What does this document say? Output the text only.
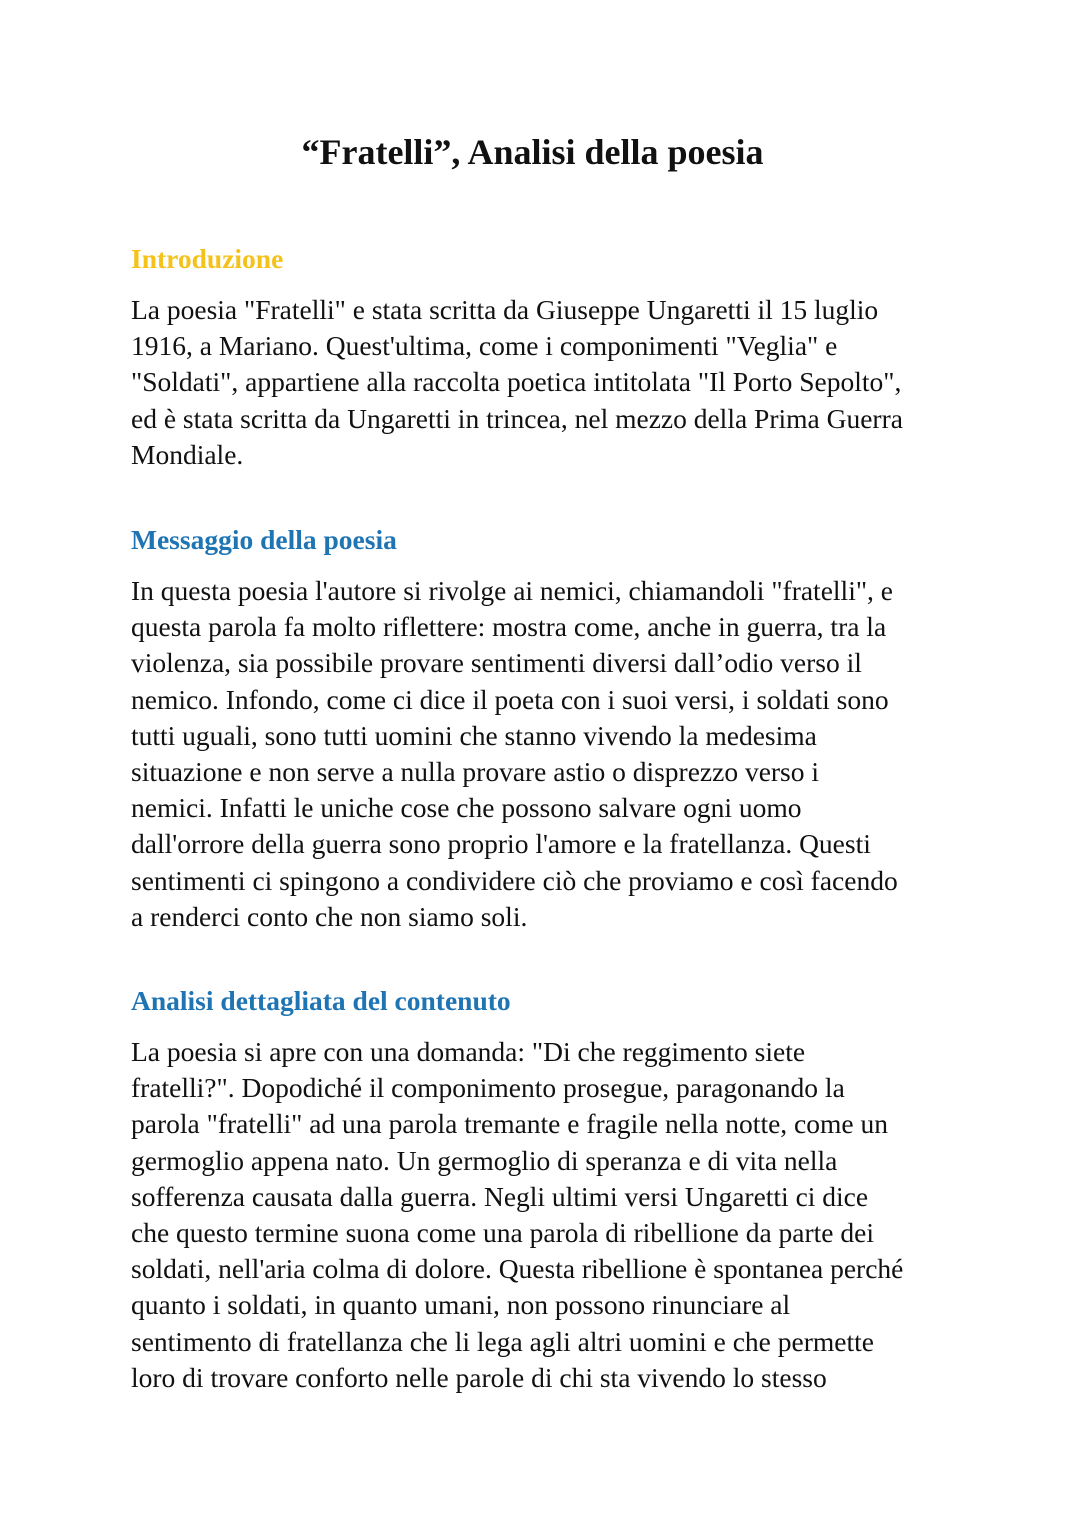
“Fratelli”, Analisi della poesia
Introduzione
La poesia "Fratelli" e stata scritta da Giuseppe Ungaretti il 15 luglio
1916, a Mariano. Quest'ultima, come i componimenti "Veglia" e
"Soldati", appartiene alla raccolta poetica intitolata "Il Porto Sepolto",
ed è stata scritta da Ungaretti in trincea, nel mezzo della Prima Guerra
Mondiale.
Messaggio della poesia
In questa poesia l'autore si rivolge ai nemici, chiamandoli "fratelli", e
questa parola fa molto riflettere: mostra come, anche in guerra, tra la
violenza, sia possibile provare sentimenti diversi dall’odio verso il
nemico. Infondo, come ci dice il poeta con i suoi versi, i soldati sono
tutti uguali, sono tutti uomini che stanno vivendo la medesima
situazione e non serve a nulla provare astio o disprezzo verso i
nemici. Infatti le uniche cose che possono salvare ogni uomo
dall'orrore della guerra sono proprio l'amore e la fratellanza. Questi
sentimenti ci spingono a condividere ciò che proviamo e così facendo
a renderci conto che non siamo soli.
Analisi dettagliata del contenuto
La poesia si apre con una domanda: "Di che reggimento siete
fratelli?". Dopodiché il componimento prosegue, paragonando la
parola "fratelli" ad una parola tremante e fragile nella notte, come un
germoglio appena nato. Un germoglio di speranza e di vita nella
sofferenza causata dalla guerra. Negli ultimi versi Ungaretti ci dice
che questo termine suona come una parola di ribellione da parte dei
soldati, nell'aria colma di dolore. Questa ribellione è spontanea perché
quanto i soldati, in quanto umani, non possono rinunciare al
sentimento di fratellanza che li lega agli altri uomini e che permette
loro di trovare conforto nelle parole di chi sta vivendo lo stesso
